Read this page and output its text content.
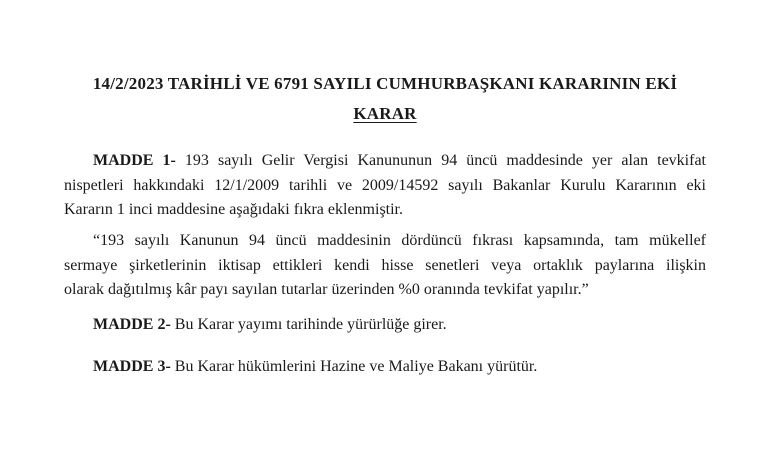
14/2/2023 TARİHLİ VE 6791 SAYILI CUMHURBAŞKANI KARARININ EKİ
KARAR
MADDE 1- 193 sayılı Gelir Vergisi Kanununun 94 üncü maddesinde yer alan tevkifat
nispetleri hakkındaki 12/1/2009 tarihli ve 2009/14592 sayılı Bakanlar Kurulu Kararının eki
Kararın 1 inci maddesine aşağıdaki fıkra eklenmiştir.
“193 sayılı Kanunun 94 üncü maddesinin dördüncü fıkrası kapsamında, tam mükellef
sermaye şirketlerinin iktisap ettikleri kendi hisse senetleri veya ortaklık paylarına ilişkin
olarak dağıtılmış kâr payı sayılan tutarlar üzerinden %0 oranında tevkifat yapılır.”
MADDE 2- Bu Karar yayımı tarihinde yürürlüğe girer.
MADDE 3- Bu Karar hükümlerini Hazine ve Maliye Bakanı yürütür.
